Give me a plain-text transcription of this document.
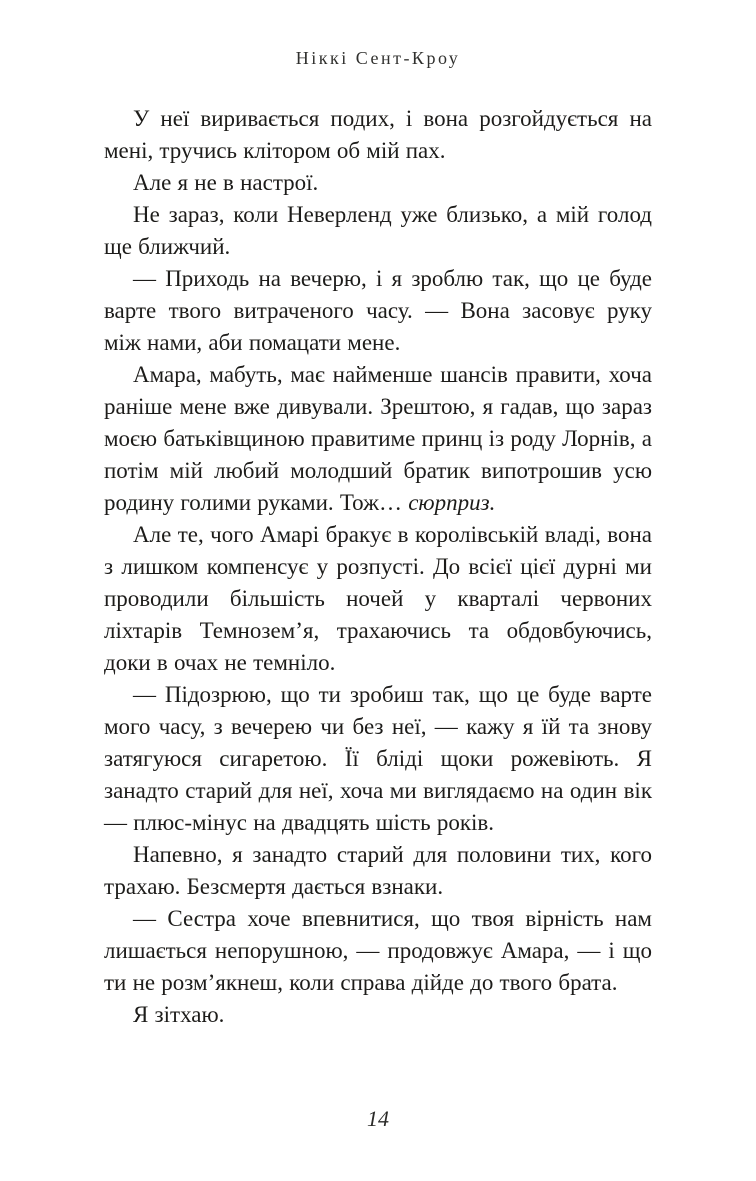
Ніккі Сент-Кроу

У неї виривається подих, і вона розгойдується на мені, тручись клітором об мій пах.

Але я не в настрої.

Не зараз, коли Неверленд уже близько, а мій голод ще ближчий.

— Приходь на вечерю, і я зроблю так, що це буде варте твого витраченого часу. — Вона засовує руку між нами, аби помацати мене.

Амара, мабуть, має найменше шансів правити, хоча раніше мене вже дивували. Зрештою, я гадав, що зараз моєю батьківщиною правитиме принц із роду Лорнів, а потім мій любий молодший братик випотрошив усю родину голими руками. Тож… сюрприз.

Але те, чого Амарі бракує в королівській владі, вона з лишком компенсує у розпусті. До всієї цієї дурні ми проводили більшість ночей у кварталі червоних ліхтарів Темнозем’я, трахаючись та обдовбуючись, доки в очах не темніло.

— Підозрюю, що ти зробиш так, що це буде варте мого часу, з вечерею чи без неї, — кажу я їй та знову затягуюся сигаретою. Її бліді щоки рожевіють. Я занадто старий для неї, хоча ми виглядаємо на один вік — плюс-мінус на двадцять шість років.

Напевно, я занадто старий для половини тих, кого трахаю. Безсмертя дається взнаки.

— Сестра хоче впевнитися, що твоя вірність нам лишається непорушною, — продовжує Амара, — і що ти не розм’якнеш, коли справа дійде до твого брата.

Я зітхаю.

14
